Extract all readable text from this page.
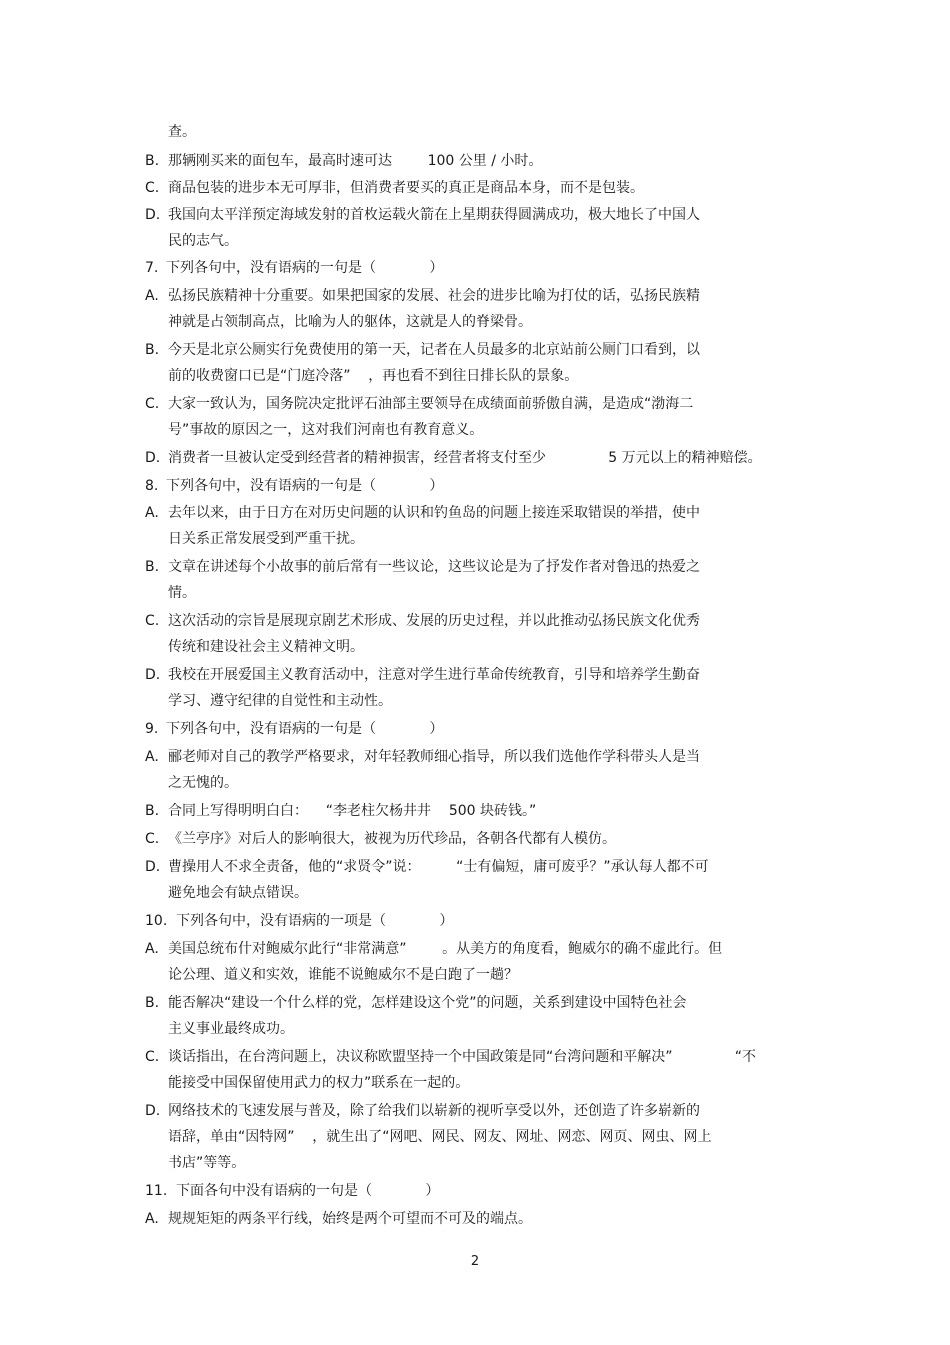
查。
B. 那辆刚买来的面包车，最高时速可达        100 公里 / 小时。
C. 商品包装的进步本无可厚非，但消费者要买的真正是商品本身，而不是包装。
D. 我国向太平洋预定海域发射的首枚运载火箭在上星期获得圆满成功，极大地长了中国人
民的志气。
7. 下列各句中，没有语病的一句是（            ）
A. 弘扬民族精神十分重要。如果把国家的发展、社会的进步比喻为打仗的话，弘扬民族精
神就是占领制高点，比喻为人的躯体，这就是人的脊梁骨。
B. 今天是北京公厕实行免费使用的第一天，记者在人员最多的北京站前公厕门口看到，以
前的收费窗口已是“门庭冷落”    ，再也看不到往日排长队的景象。
C. 大家一致认为，国务院决定批评石油部主要领导在成绩面前骄傲自满，是造成“渤海二
号”事故的原因之一，这对我们河南也有教育意义。
D. 消费者一旦被认定受到经营者的精神损害，经营者将支付至少              5 万元以上的精神赔偿。
8. 下列各句中，没有语病的一句是（            ）
A. 去年以来，由于日方在对历史问题的认识和钓鱼岛的问题上接连采取错误的举措，使中
日关系正常发展受到严重干扰。
B. 文章在讲述每个小故事的前后常有一些议论，这些议论是为了抒发作者对鲁迅的热爱之
情。
C. 这次活动的宗旨是展现京剧艺术形成、发展的历史过程，并以此推动弘扬民族文化优秀
传统和建设社会主义精神文明。
D. 我校在开展爱国主义教育活动中，注意对学生进行革命传统教育，引导和培养学生勤奋
学习、遵守纪律的自觉性和主动性。
9. 下列各句中，没有语病的一句是（            ）
A. 郦老师对自己的教学严格要求，对年轻教师细心指导，所以我们选他作学科带头人是当
之无愧的。
B. 合同上写得明明白白：    “李老柱欠杨井井    500 块砖钱。”
C. 《兰亭序》对后人的影响很大，被视为历代珍品，各朝各代都有人模仿。
D. 曹操用人不求全责备，他的“求贤令”说：        “士有偏短，庸可废乎？”承认每人都不可
避免地会有缺点错误。
10. 下列各句中，没有语病的一项是（            ）
A. 美国总统布什对鲍威尔此行“非常满意”        。从美方的角度看，鲍威尔的确不虚此行。但
论公理、道义和实效，谁能不说鲍威尔不是白跑了一趟？
B. 能否解决“建设一个什么样的党，怎样建设这个党”的问题，关系到建设中国特色社会
主义事业最终成功。
C. 谈话指出，在台湾问题上，决议称欧盟坚持一个中国政策是同“台湾问题和平解决”              “不
能接受中国保留使用武力的权力”联系在一起的。
D. 网络技术的飞速发展与普及，除了给我们以崭新的视听享受以外，还创造了许多崭新的
语辞，单由“因特网”    ，就生出了“网吧、网民、网友、网址、网恋、网页、网虫、网上
书店”等等。
11. 下面各句中没有语病的一句是（            ）
A. 规规矩矩的两条平行线，始终是两个可望而不可及的端点。
2
